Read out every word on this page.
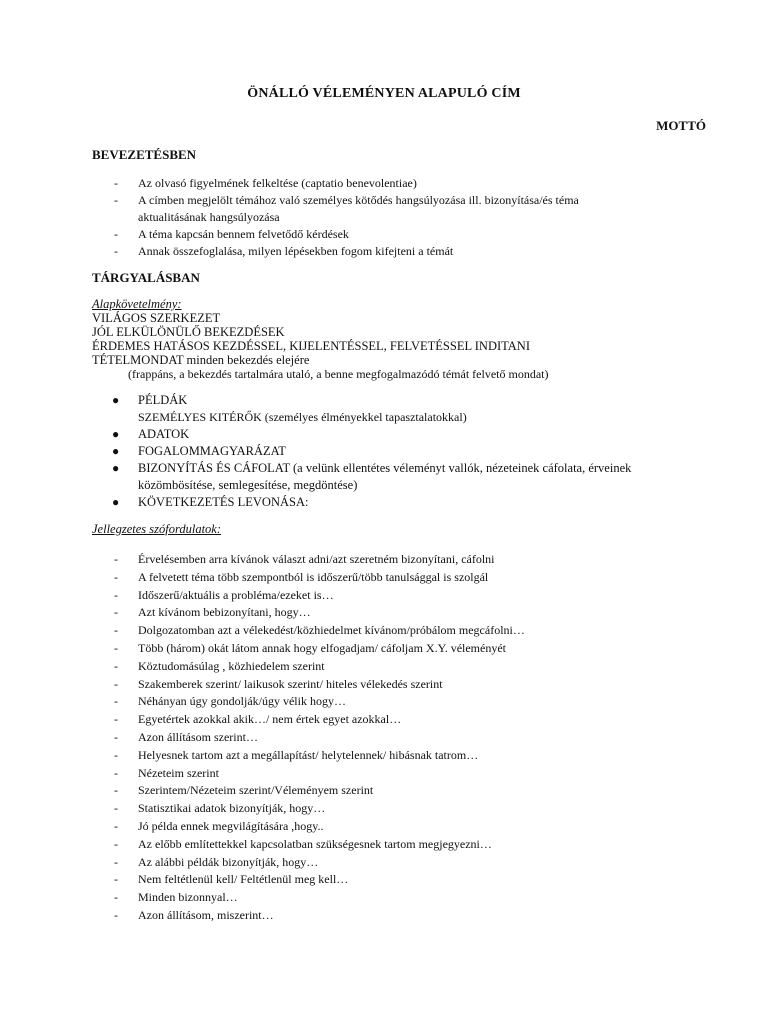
ÖNÁLLÓ VÉLEMÉNYEN ALAPULÓ CÍM
MOTTÓ
BEVEZETÉSBEN
- Az olvasó figyelmének felkeltése (captatio benevolentiae)
- A címben megjelölt témához való személyes kötődés hangsúlyozása ill. bizonyítása/és téma aktualitásának hangsúlyozása
- A téma kapcsán bennem felvetődő kérdések
- Annak összefoglalása, milyen lépésekben fogom kifejteni a témát
TÁRGYALÁSBAN
Alapkövetelmény:
VILÁGOS SZERKEZET
JÓL ELKÜLÖNÜLŐ BEKEZDÉSEK
ÉRDEMES HATÁSOS KEZDÉSSEL, KIJELENTÉSSEL, FELVETÉSSEL INDITANI
TÉTELMONDAT minden bekezdés elejére
(frappáns, a bekezdés tartalmára utaló, a benne megfogalmazódó témát felvető mondat)
● PÉLDÁK
SZEMÉLYES KITÉRŐK (személyes élményekkel tapasztalatokkal)
● ADATOK
● FOGALOMMAGYARÁZAT
● BIZONYÍTÁS ÉS CÁFOLAT (a velünk ellentétes véleményt vallók, nézeteinek cáfolata, érveinek közömbösítése, semlegesítése, megdöntése)
● KÖVETKEZETÉS LEVONÁSA:
Jellegzetes szófordulatok:
- Érvelésemben arra kívánok választ adni/azt szeretném bizonyítani, cáfolni
- A felvetett téma több szempontból is időszerű/több tanulsággal is szolgál
- Időszerű/aktuális a probléma/ezeket is…
- Azt kívánom bebizonyítani, hogy…
- Dolgozatomban azt a vélekedést/közhiedelmet kívánom/próbálom megcáfolni…
- Több (három) okát látom annak hogy elfogadjam/ cáfoljam X.Y. véleményét
- Köztudomásúlag , közhiedelem szerint
- Szakemberek szerint/ laikusok szerint/ hiteles vélekedés szerint
- Néhányan úgy gondolják/úgy vélik hogy…
- Egyetértek azokkal akik…/ nem értek egyet azokkal…
- Azon állításom szerint…
- Helyesnek tartom azt a megállapítást/ helytelennek/ hibásnak tatrom…
- Nézeteim szerint
- Szerintem/Nézeteim szerint/Véleményem szerint
- Statisztikai adatok bizonyítják, hogy…
- Jó példa ennek megvilágítására ,hogy..
- Az előbb említettekkel kapcsolatban szükségesnek tartom megjegyezni…
- Az alábbi példák bizonyítják, hogy…
- Nem feltétlenül kell/ Feltétlenül meg kell…
- Minden bizonnyal…
- Azon állításom, miszerint…
